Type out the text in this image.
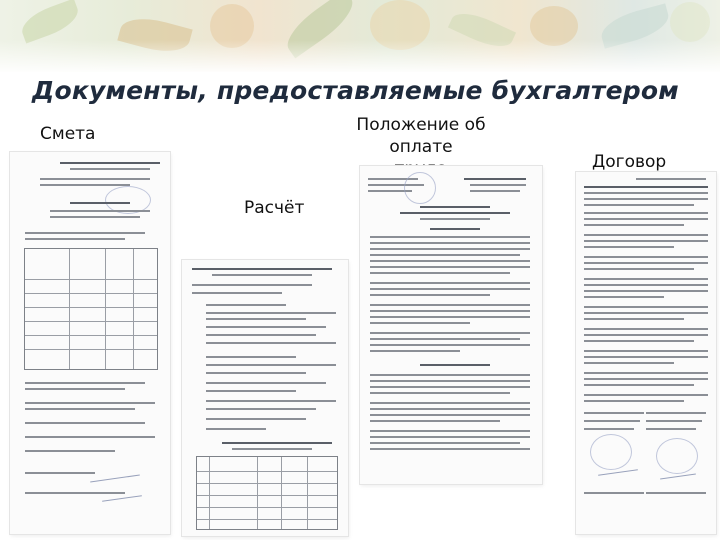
Документы, предоставляемые бухгалтером
Смета	Положение об оплате

Договор
Расчёт
